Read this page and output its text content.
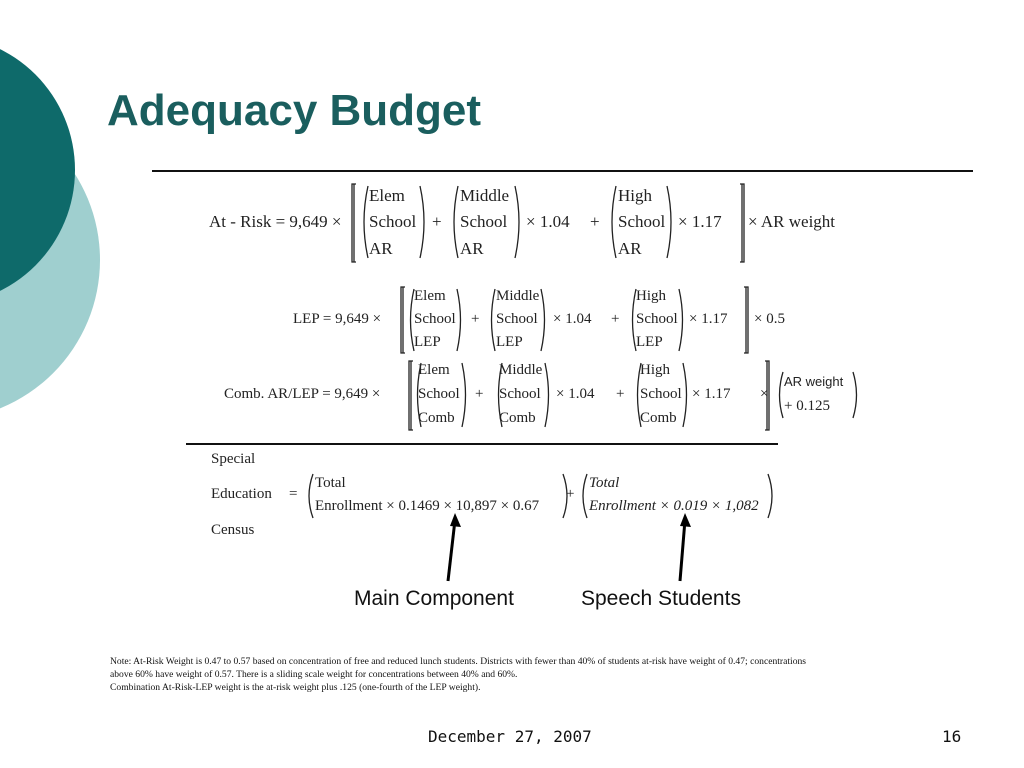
Adequacy Budget
At - Risk = 9,649 ×
Elem
School
AR
+
Middle
School
AR
× 1.04 +
High
School
AR
× 1.17 × AR weight
LEP = 9,649 ×
Elem
School
LEP
+
Middle
School
LEP
× 1.04 +
High
School
LEP
× 1.17 × 0.5
Comb. AR/LEP = 9,649 ×
Elem
School
Comb
+
Middle
School
Comb
× 1.04 +
High
School
Comb
× 1.17 ×
AR weight
+ 0.125
Special
Education
Census
=
Total
Enrollment × 0.1469 × 10,897 × 0.67
+
Total
Enrollment × 0.019 × 1,082
Main Component	Speech Students
Note: At-Risk Weight is 0.47 to 0.57 based on concentration of free and reduced lunch students. Districts with fewer than 40% of students at-risk have weight of 0.47; concentrations
above 60% have weight of 0.57. There is a sliding scale weight for concentrations between 40% and 60%.
Combination At-Risk-LEP weight is the at-risk weight plus .125 (one-fourth of the LEP weight).
December 27, 2007	16
